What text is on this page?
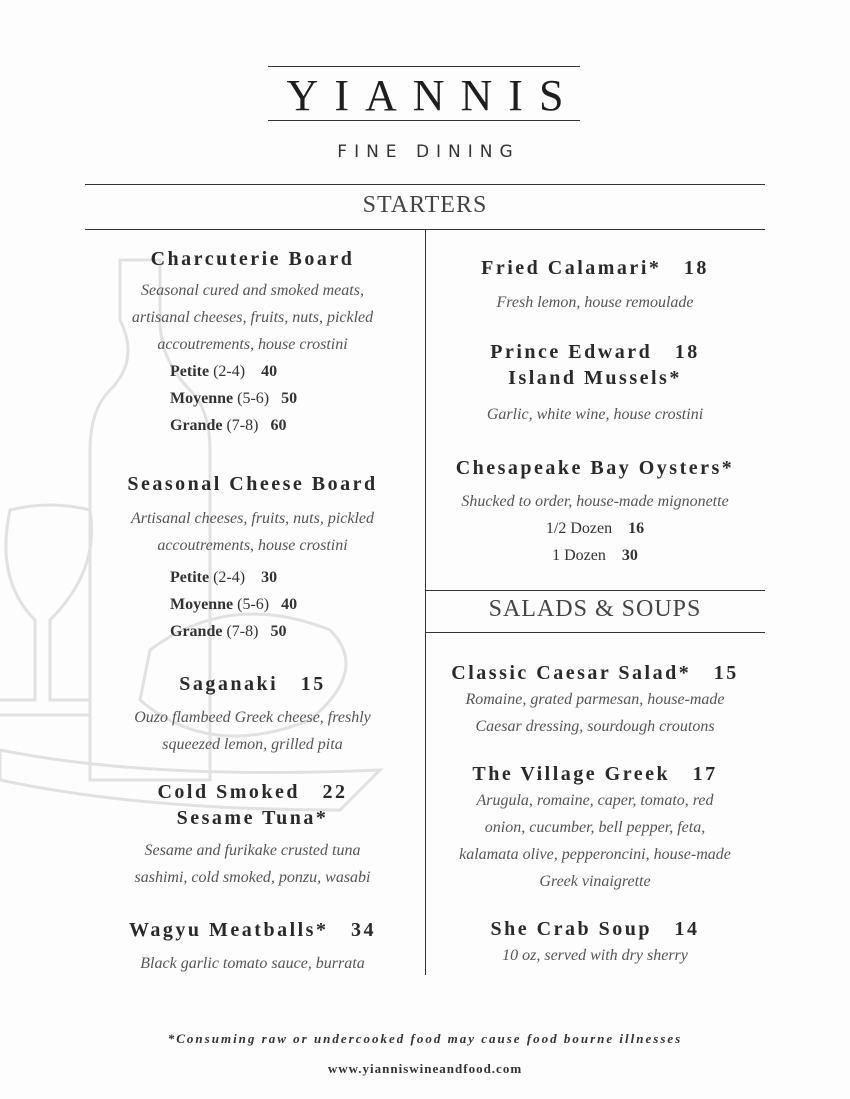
YIANNIS
FINE DINING
STARTERS
SALADS & SOUPS
Charcuterie Board
Seasonal cured and smoked meats,
artisanal cheeses, fruits, nuts, pickled
accoutrements, house crostini
Petite (2-4) 40
Moyenne (5-6) 50
Grande (7-8) 60
Seasonal Cheese Board
Artisanal cheeses, fruits, nuts, pickled
accoutrements, house crostini
Petite (2-4) 30
Moyenne (5-6) 40
Grande (7-8) 50
Saganaki   15
Ouzo flambeed Greek cheese, freshly
squeezed lemon, grilled pita
Cold Smoked   22
Sesame Tuna*
Sesame and furikake crusted tuna
sashimi, cold smoked, ponzu, wasabi
Wagyu Meatballs*   34
Black garlic tomato sauce, burrata
Fried Calamari*   18
Fresh lemon, house remoulade
Prince Edward   18
Island Mussels*
Garlic, white wine, house crostini
Chesapeake Bay Oysters*
Shucked to order, house-made mignonette
1/2 Dozen 16
1 Dozen 30
Classic Caesar Salad*   15
Romaine, grated parmesan, house-made
Caesar dressing, sourdough croutons
The Village Greek   17
Arugula, romaine, caper, tomato, red
onion, cucumber, bell pepper, feta,
kalamata olive, pepperoncini, house-made
Greek vinaigrette
She Crab Soup   14
10 oz, served with dry sherry
*Consuming raw or undercooked food may cause food bourne illnesses
www.yianniswineandfood.com
